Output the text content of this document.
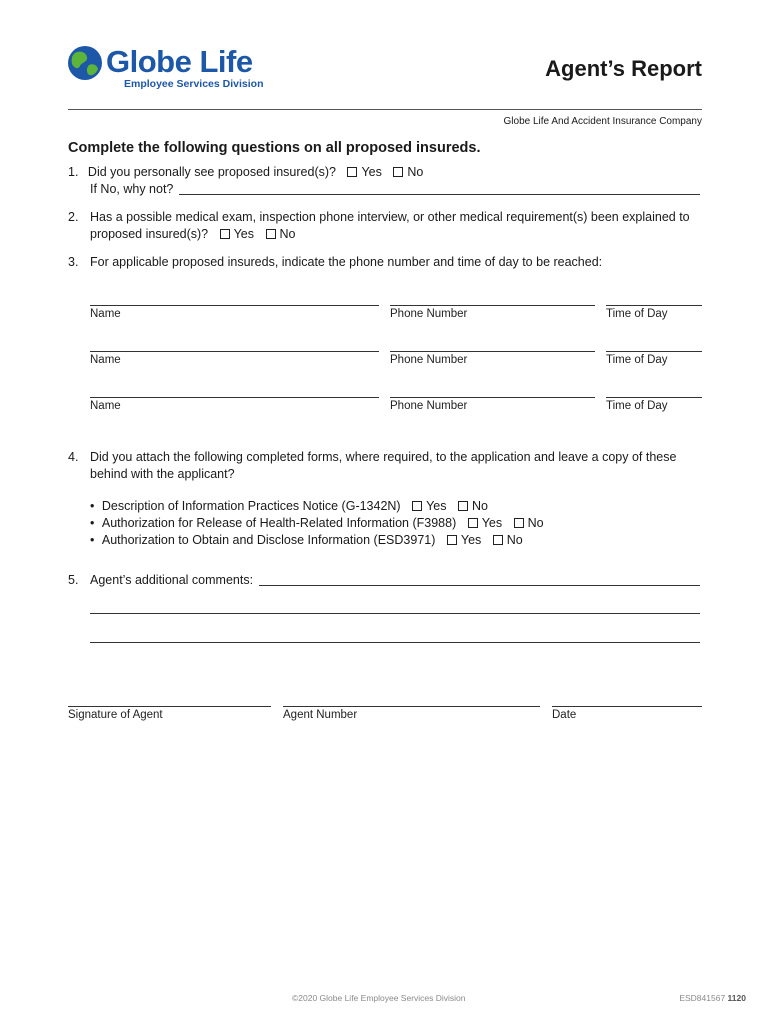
Globe Life
Employee Services Division
Agent’s Report
Globe Life And Accident Insurance Company
Complete the following questions on all proposed insureds.
1. Did you personally see proposed insured(s)? Yes No
If No, why not?
2. Has a possible medical exam, inspection phone interview, or other medical requirement(s) been explained to
proposed insured(s)? Yes No
3. For applicable proposed insureds, indicate the phone number and time of day to be reached:
Name	Phone Number	Time of Day
Name	Phone Number	Time of Day
Name	Phone Number	Time of Day
4. Did you attach the following completed forms, where required, to the application and leave a copy of these
behind with the applicant?
• Description of Information Practices Notice (G-1342N) Yes No
• Authorization for Release of Health-Related Information (F3988) Yes No
• Authorization to Obtain and Disclose Information (ESD3971) Yes No
5. Agent’s additional comments:
Signature of Agent	Agent Number	Date
©2020 Globe Life Employee Services Division	ESD841567 1120
